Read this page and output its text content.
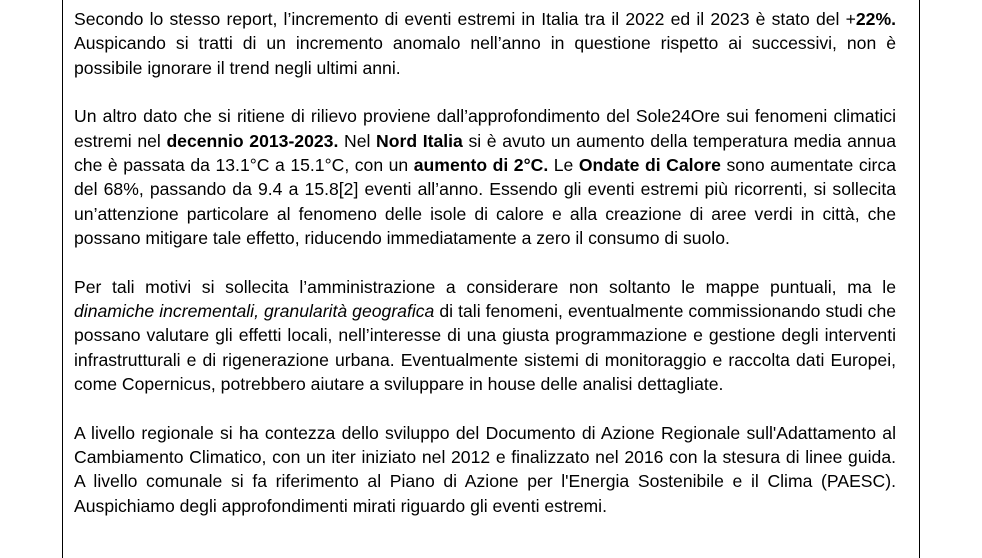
Secondo lo stesso report, l’incremento di eventi estremi in Italia tra il 2022 ed il 2023 è stato del +22%. Auspicando si tratti di un incremento anomalo nell’anno in questione rispetto ai successivi, non è possibile ignorare il trend negli ultimi anni.

Un altro dato che si ritiene di rilievo proviene dall’approfondimento del Sole24Ore sui fenomeni climatici estremi nel decennio 2013-2023. Nel Nord Italia si è avuto un aumento della temperatura media annua che è passata da 13.1°C a 15.1°C, con un aumento di 2°C. Le Ondate di Calore sono aumentate circa del 68%, passando da 9.4 a 15.8[2] eventi all’anno. Essendo gli eventi estremi più ricorrenti, si sollecita un’attenzione particolare al fenomeno delle isole di calore e alla creazione di aree verdi in città, che possano mitigare tale effetto, riducendo immediatamente a zero il consumo di suolo.

Per tali motivi si sollecita l’amministrazione a considerare non soltanto le mappe puntuali, ma le dinamiche incrementali, granularità geografica di tali fenomeni, eventualmente commissionando studi che possano valutare gli effetti locali, nell’interesse di una giusta programmazione e gestione degli interventi infrastrutturali e di rigenerazione urbana. Eventualmente sistemi di monitoraggio e raccolta dati Europei, come Copernicus, potrebbero aiutare a sviluppare in house delle analisi dettagliate.

A livello regionale si ha contezza dello sviluppo del Documento di Azione Regionale sull'Adattamento al Cambiamento Climatico, con un iter iniziato nel 2012 e finalizzato nel 2016 con la stesura di linee guida. A livello comunale si fa riferimento al Piano di Azione per l'Energia Sostenibile e il Clima (PAESC). Auspichiamo degli approfondimenti mirati riguardo gli eventi estremi.
